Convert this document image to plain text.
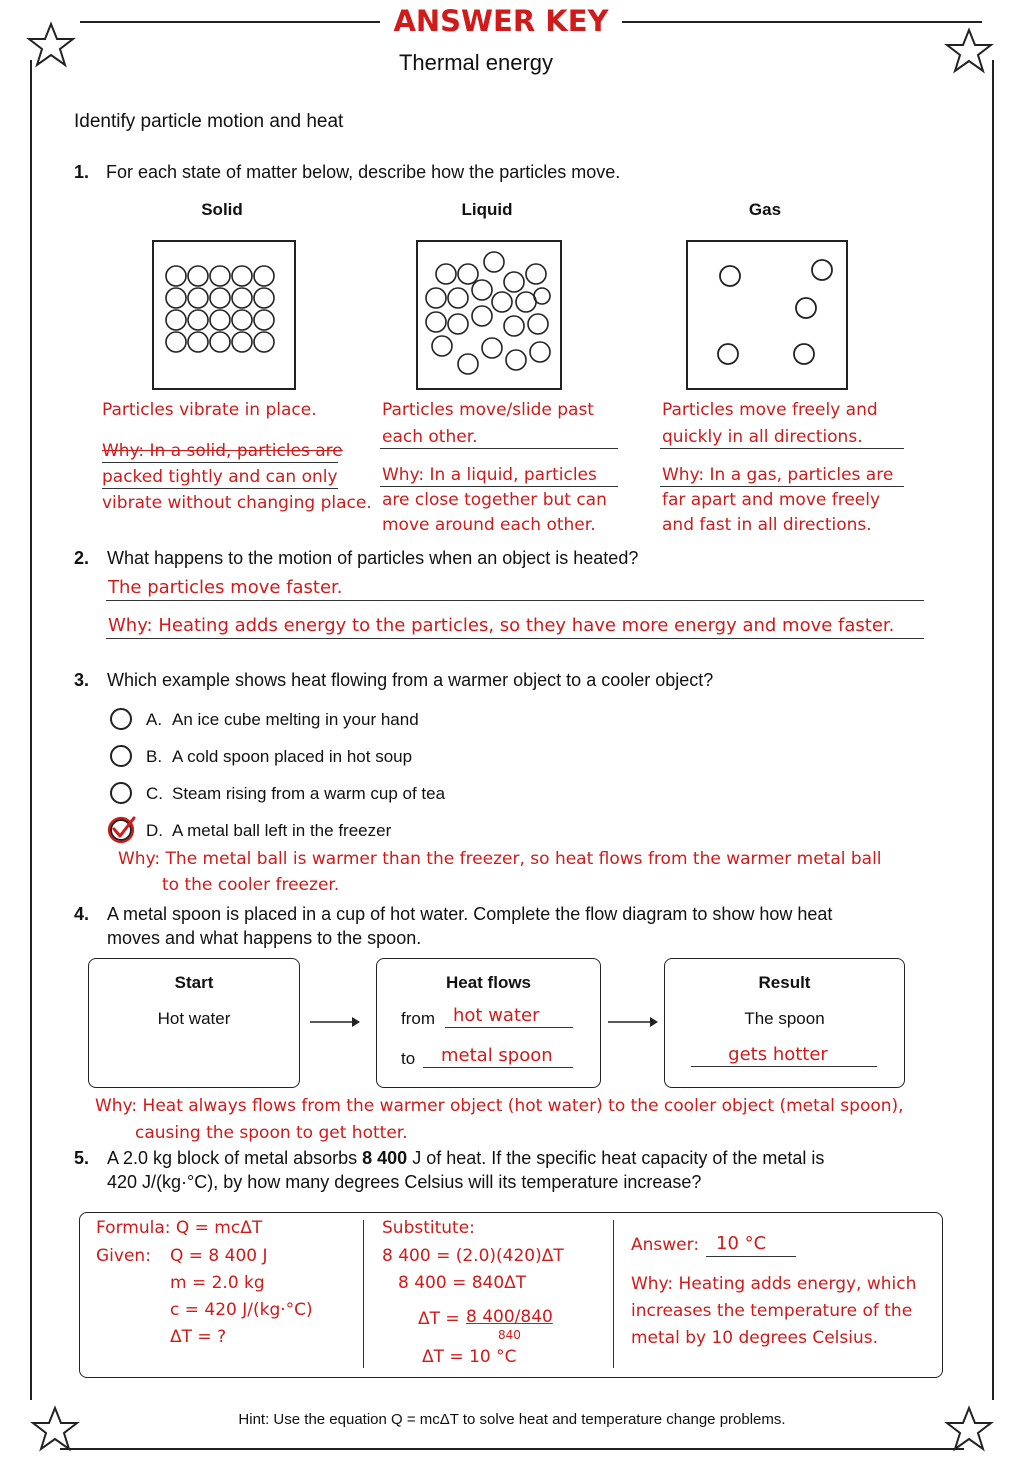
ANSWER KEY
Thermal energy
Identify particle motion and heat
1. For each state of matter below, describe how the particles move.
Solid	Liquid	Gas
Particles vibrate in place.
Why: In a solid, particles are
packed tightly and can only
vibrate without changing place.
Particles move/slide past
each other.
Why: In a liquid, particles
are close together but can
move around each other.
Particles move freely and
quickly in all directions.
Why: In a gas, particles are
far apart and move freely
and fast in all directions.
2. What happens to the motion of particles when an object is heated?
The particles move faster.
Why: Heating adds energy to the particles, so they have more energy and move faster.
3. Which example shows heat flowing from a warmer object to a cooler object?
A. An ice cube melting in your hand
B. A cold spoon placed in hot soup
C. Steam rising from a warm cup of tea
D. A metal ball left in the freezer
Why: The metal ball is warmer than the freezer, so heat flows from the warmer metal ball
to the cooler freezer.
4. A metal spoon is placed in a cup of hot water. Complete the flow diagram to show how heat
moves and what happens to the spoon.
Start
Hot water
Heat flows
from hot water
to metal spoon
Result
The spoon
gets hotter
Why: Heat always flows from the warmer object (hot water) to the cooler object (metal spoon),
causing the spoon to get hotter.
5. A 2.0 kg block of metal absorbs 8 400 J of heat. If the specific heat capacity of the metal is
420 J/(kg·°C), by how many degrees Celsius will its temperature increase?
Formula: Q = mcΔT
Given: Q = 8 400 J
m = 2.0 kg
c = 420 J/(kg·°C)
ΔT = ?
Substitute:
8 400 = (2.0)(420)ΔT
8 400 = 840ΔT
ΔT = 8 400/840
840
ΔT = 10 °C
Answer: 10 °C
Why: Heating adds energy, which
increases the temperature of the
metal by 10 degrees Celsius.
Hint: Use the equation Q = mcΔT to solve heat and temperature change problems.
